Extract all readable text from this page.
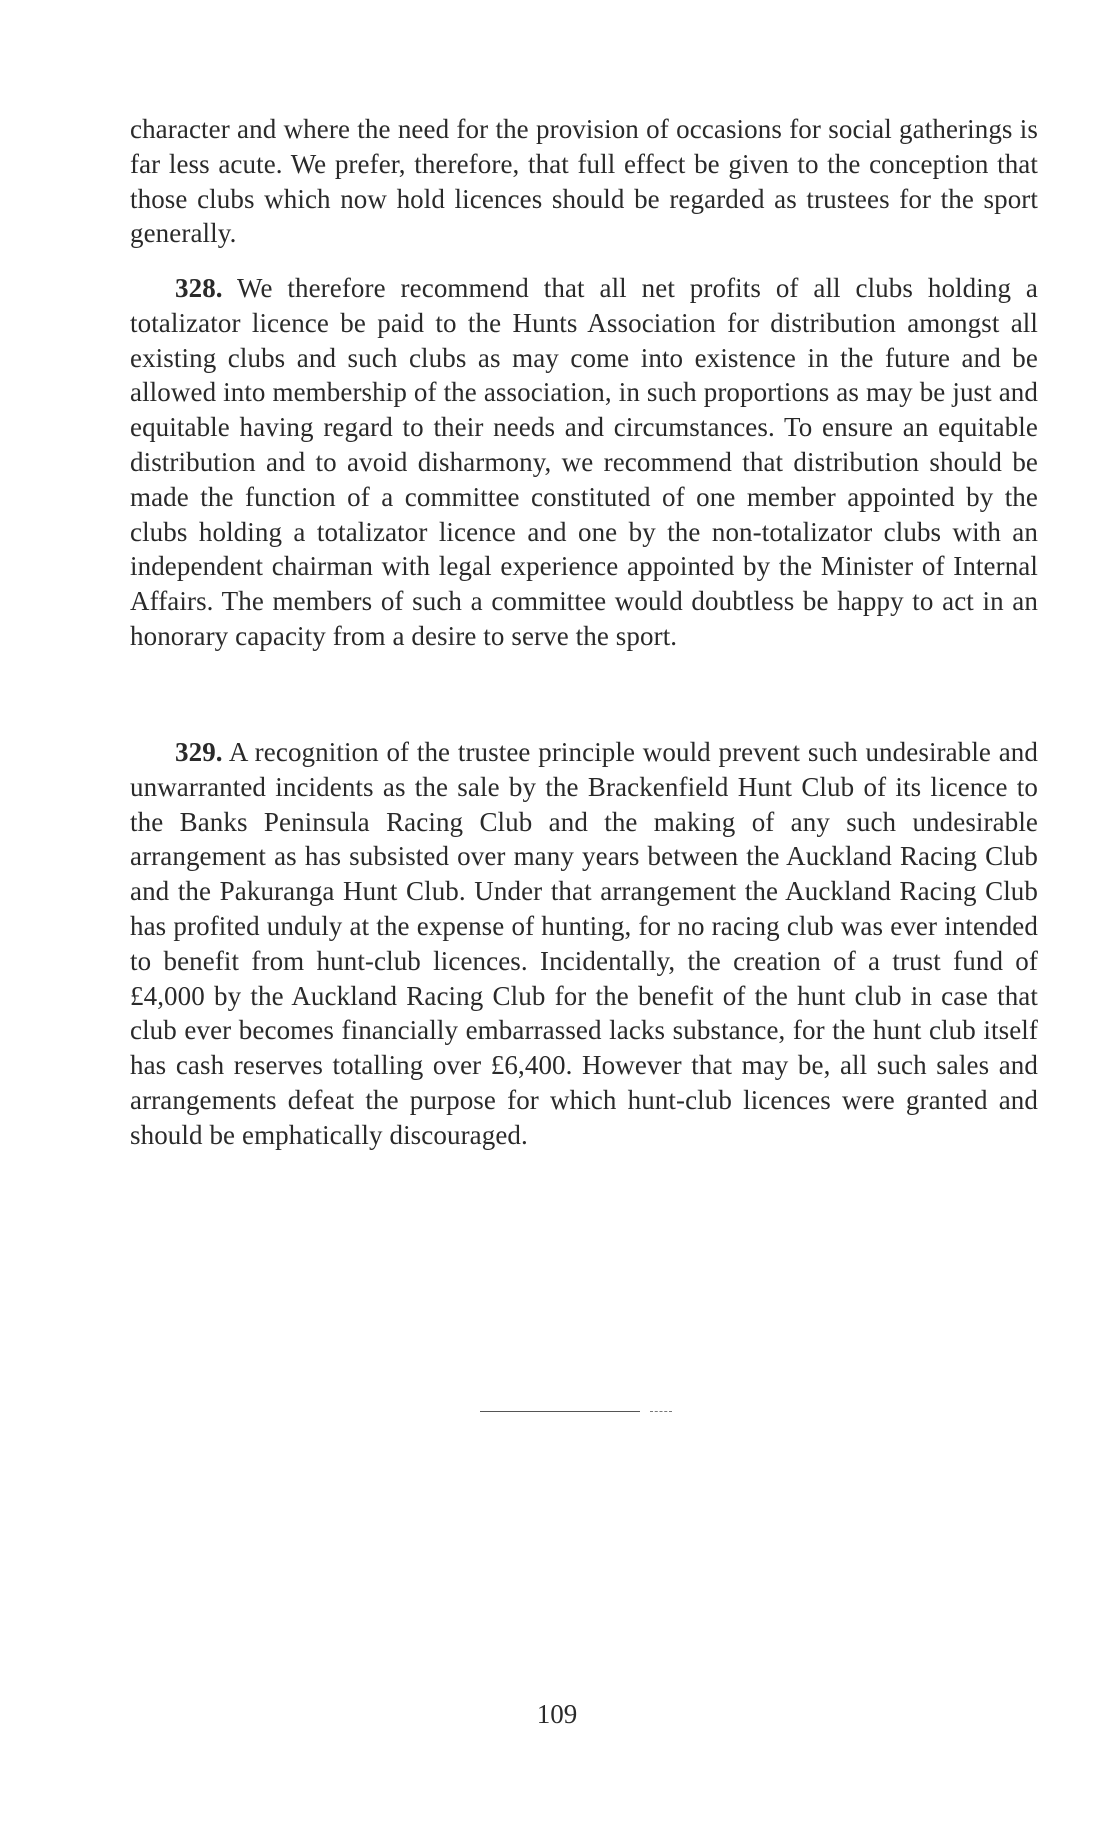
character and where the need for the provision of occasions for social gatherings is far less acute. We prefer, therefore, that full effect be given to the conception that those clubs which now hold licences should be regarded as trustees for the sport generally.

328. We therefore recommend that all net profits of all clubs holding a totalizator licence be paid to the Hunts Association for distribution amongst all existing clubs and such clubs as may come into existence in the future and be allowed into membership of the association, in such proportions as may be just and equitable having regard to their needs and circumstances. To ensure an equitable distribution and to avoid disharmony, we recommend that distribution should be made the function of a committee constituted of one member appointed by the clubs holding a totalizator licence and one by the non-totalizator clubs with an independent chairman with legal experience appointed by the Minister of Internal Affairs. The members of such a committee would doubtless be happy to act in an honorary capacity from a desire to serve the sport.

329. A recognition of the trustee principle would prevent such undesirable and unwarranted incidents as the sale by the Brackenfield Hunt Club of its licence to the Banks Peninsula Racing Club and the making of any such undesirable arrangement as has subsisted over many years between the Auckland Racing Club and the Pakuranga Hunt Club. Under that arrangement the Auckland Racing Club has profited unduly at the expense of hunting, for no racing club was ever intended to benefit from hunt-club licences. Incidentally, the creation of a trust fund of £4,000 by the Auckland Racing Club for the benefit of the hunt club in case that club ever becomes financially embarrassed lacks substance, for the hunt club itself has cash reserves totalling over £6,400. However that may be, all such sales and arrangements defeat the purpose for which hunt-club licences were granted and should be emphatically discouraged.

109
